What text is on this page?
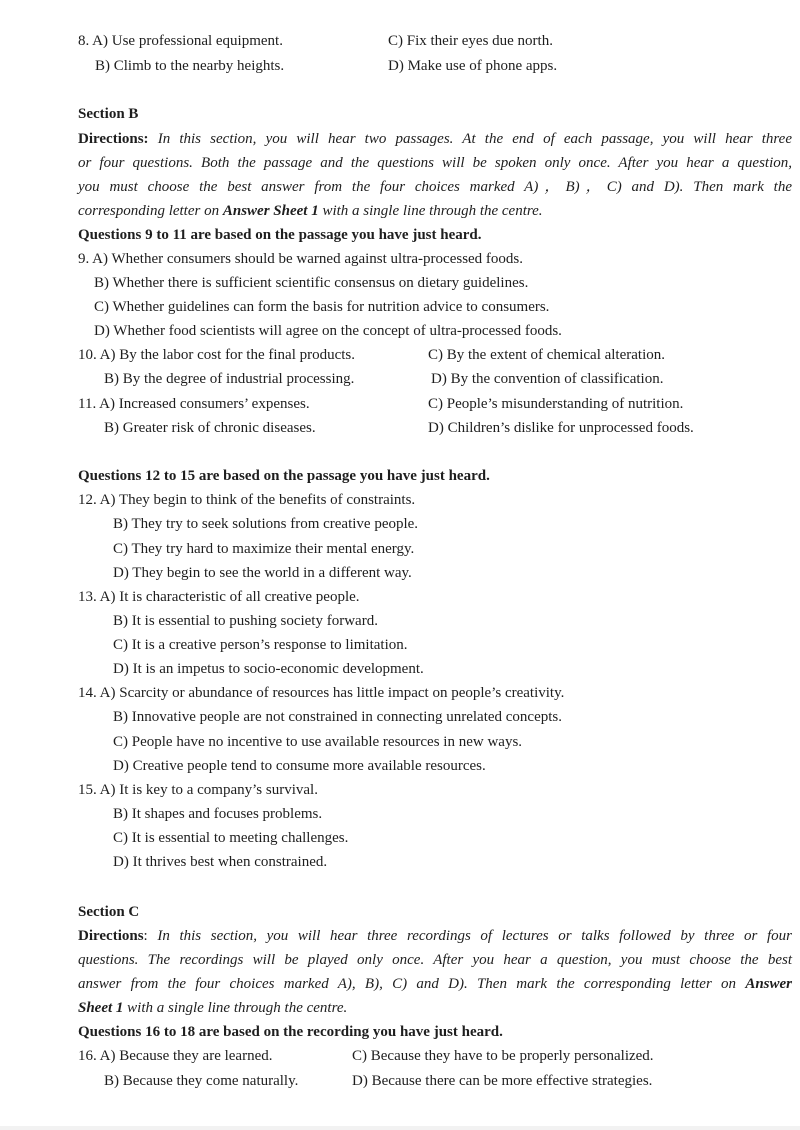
8. A) Use professional equipment.	C) Fix their eyes due north.
B) Climb to the nearby heights.	D) Make use of phone apps.
Section B
Directions: In this section, you will hear two passages. At the end of each passage, you will hear three
or four questions. Both the passage and the questions will be spoken only once. After you hear a question,
you must choose the best answer from the four choices marked A)，B)，C) and D). Then mark the
corresponding letter on Answer Sheet 1 with a single line through the centre.
Questions 9 to 11 are based on the passage you have just heard.
9. A) Whether consumers should be warned against ultra-processed foods.
B) Whether there is sufficient scientific consensus on dietary guidelines.
C) Whether guidelines can form the basis for nutrition advice to consumers.
D) Whether food scientists will agree on the concept of ultra-processed foods.
10. A) By the labor cost for the final products.	C) By the extent of chemical alteration.
B) By the degree of industrial processing.	D) By the convention of classification.
11. A) Increased consumers’ expenses.	C) People’s misunderstanding of nutrition.
B) Greater risk of chronic diseases.	D) Children’s dislike for unprocessed foods.
Questions 12 to 15 are based on the passage you have just heard.
12. A) They begin to think of the benefits of constraints.
B) They try to seek solutions from creative people.
C) They try hard to maximize their mental energy.
D) They begin to see the world in a different way.
13. A) It is characteristic of all creative people.
B) It is essential to pushing society forward.
C) It is a creative person’s response to limitation.
D) It is an impetus to socio-economic development.
14. A) Scarcity or abundance of resources has little impact on people’s creativity.
B) Innovative people are not constrained in connecting unrelated concepts.
C) People have no incentive to use available resources in new ways.
D) Creative people tend to consume more available resources.
15. A) It is key to a company’s survival.
B) It shapes and focuses problems.
C) It is essential to meeting challenges.
D) It thrives best when constrained.
Section C
Directions: In this section, you will hear three recordings of lectures or talks followed by three or four
questions. The recordings will be played only once. After you hear a question, you must choose the best
answer from the four choices marked A), B), C) and D). Then mark the corresponding letter on Answer
Sheet 1 with a single line through the centre.
Questions 16 to 18 are based on the recording you have just heard.
16. A) Because they are learned.	C) Because they have to be properly personalized.
B) Because they come naturally.	D) Because there can be more effective strategies.
